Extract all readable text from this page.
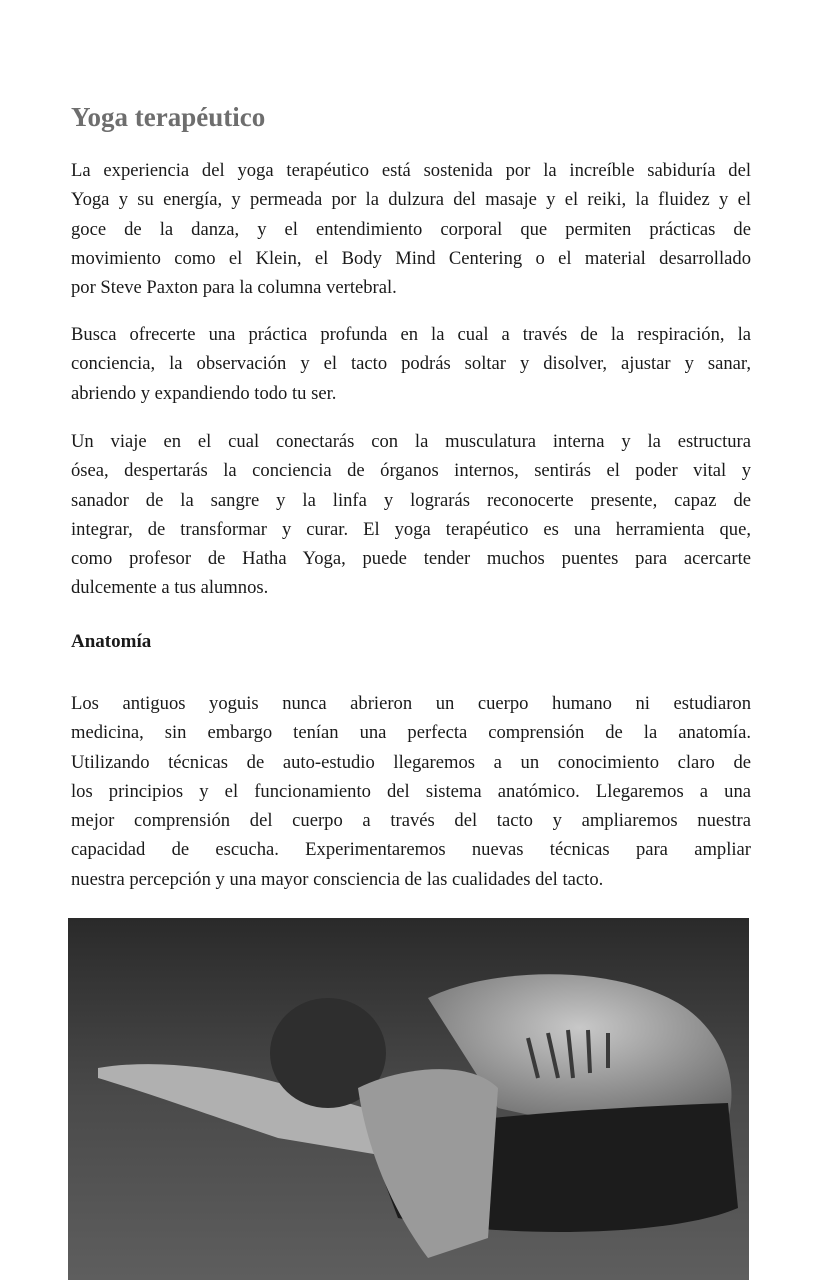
Yoga terapéutico
La experiencia del yoga terapéutico está sostenida por la increíble sabiduría del
Yoga y su energía, y permeada por la dulzura del masaje y el reiki, la fluidez y el
goce de la danza, y el entendimiento corporal que permiten prácticas de
movimiento como el Klein, el Body Mind Centering o el material desarrollado
por Steve Paxton para la columna vertebral.
Busca ofrecerte una práctica profunda en la cual a través de la respiración, la
conciencia, la observación y el tacto podrás soltar y disolver, ajustar y sanar,
abriendo y expandiendo todo tu ser.
Un viaje en el cual conectarás con la musculatura interna y la estructura
ósea, despertarás la conciencia de órganos internos, sentirás el poder vital y
sanador de la sangre y la linfa y lograrás reconocerte presente, capaz de
integrar, de transformar y curar. El yoga terapéutico es una herramienta que,
como profesor de Hatha Yoga, puede tender muchos puentes para acercarte
dulcemente a tus alumnos.
Anatomía
Los antiguos yoguis nunca abrieron un cuerpo humano ni estudiaron
medicina, sin embargo tenían una perfecta comprensión de la anatomía.
Utilizando técnicas de auto-estudio llegaremos a un conocimiento claro de
los principios y el funcionamiento del sistema anatómico. Llegaremos a una
mejor comprensión del cuerpo a través del tacto y ampliaremos nuestra
capacidad de escucha. Experimentaremos nuevas técnicas para ampliar
nuestra percepción y una mayor consciencia de las cualidades del tacto.
